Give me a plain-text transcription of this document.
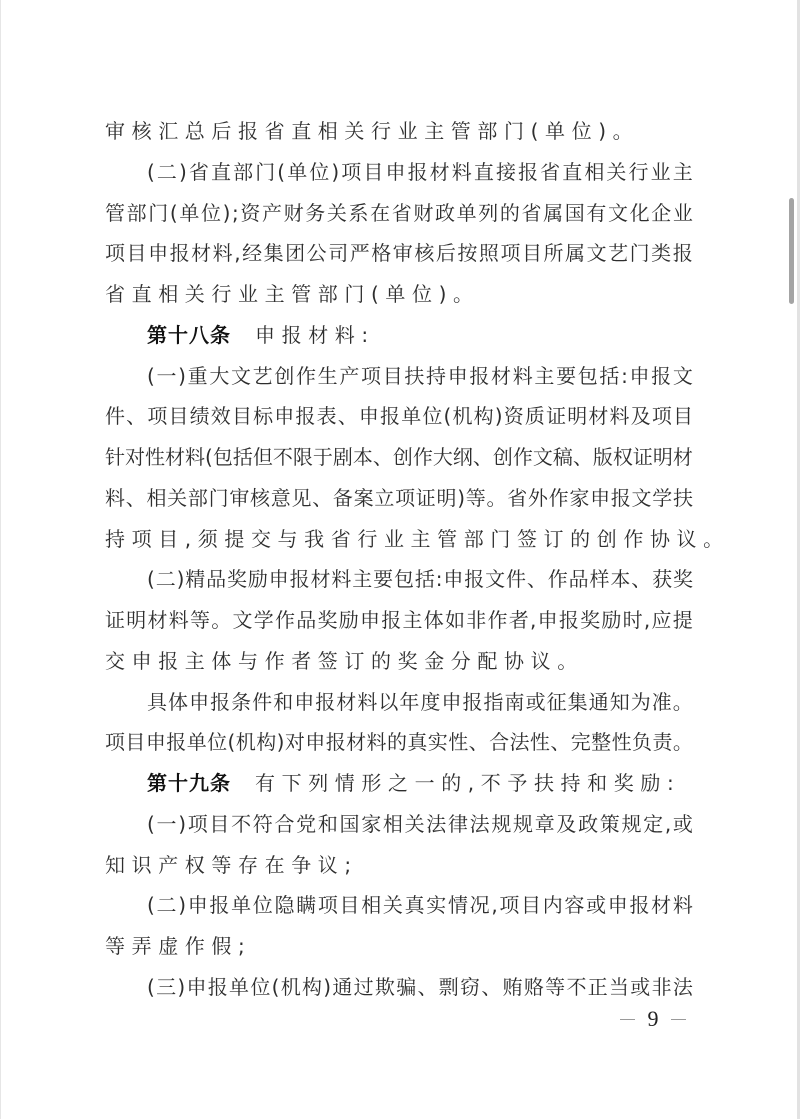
审核汇总后报省直相关行业主管部门(单位)。
( 二 ) 省 直 部 门 ( 单 位 ) 项 目 申 报 材 料 直 接 报 省 直 相 关 行 业 主
管 部 门 ( 单 位 ) ; 资 产 财 务 关 系 在 省 财 政 单 列 的 省 属 国 有 文 化 企 业
项 目 申 报 材 料 , 经 集 团 公 司 严 格 审 核 后 按 照 项 目 所 属 文 艺 门 类 报
省直相关行业主管部门(单位)。
第十八条 申报材料:
( 一 ) 重 大 文 艺 创 作 生 产 项 目 扶 持 申 报 材 料 主 要 包 括 : 申 报 文
件 、 项 目 绩 效 目 标 申 报 表 、 申 报 单 位 ( 机 构 ) 资 质 证 明 材 料 及 项 目
针 对 性 材 料 ( 包 括 但 不 限 于 剧 本 、 创 作 大 纲 、 创 作 文 稿 、 版 权 证 明 材
料 、 相 关 部 门 审 核 意 见 、 备 案 立 项 证 明 ) 等 。 省 外 作 家 申 报 文 学 扶
持项目,须提交与我省行业主管部门签订的创作协议。
( 二 ) 精 品 奖 励 申 报 材 料 主 要 包 括 : 申 报 文 件 、 作 品 样 本 、 获 奖
证 明 材 料 等 。 文 学 作 品 奖 励 申 报 主 体 如 非 作 者 , 申 报 奖 励 时 , 应 提
交申报主体与作者签订的奖金分配协议。
具 体 申 报 条 件 和 申 报 材 料 以 年 度 申 报 指 南 或 征 集 通 知 为 准 。
项 目 申 报 单 位 ( 机 构 ) 对 申 报 材 料 的 真 实 性 、 合 法 性 、 完 整 性 负 责 。
第十九条 有下列情形之一的,不予扶持和奖励:
( 一 ) 项 目 不 符 合 党 和 国 家 相 关 法 律 法 规 规 章 及 政 策 规 定 , 或
知识产权等存在争议;
( 二 ) 申 报 单 位 隐 瞒 项 目 相 关 真 实 情 况 , 项 目 内 容 或 申 报 材 料
等弄虚作假;
( 三 ) 申 报 单 位 ( 机 构 ) 通 过 欺 骗 、 剽 窃 、 贿 赂 等 不 正 当 或 非 法
9
